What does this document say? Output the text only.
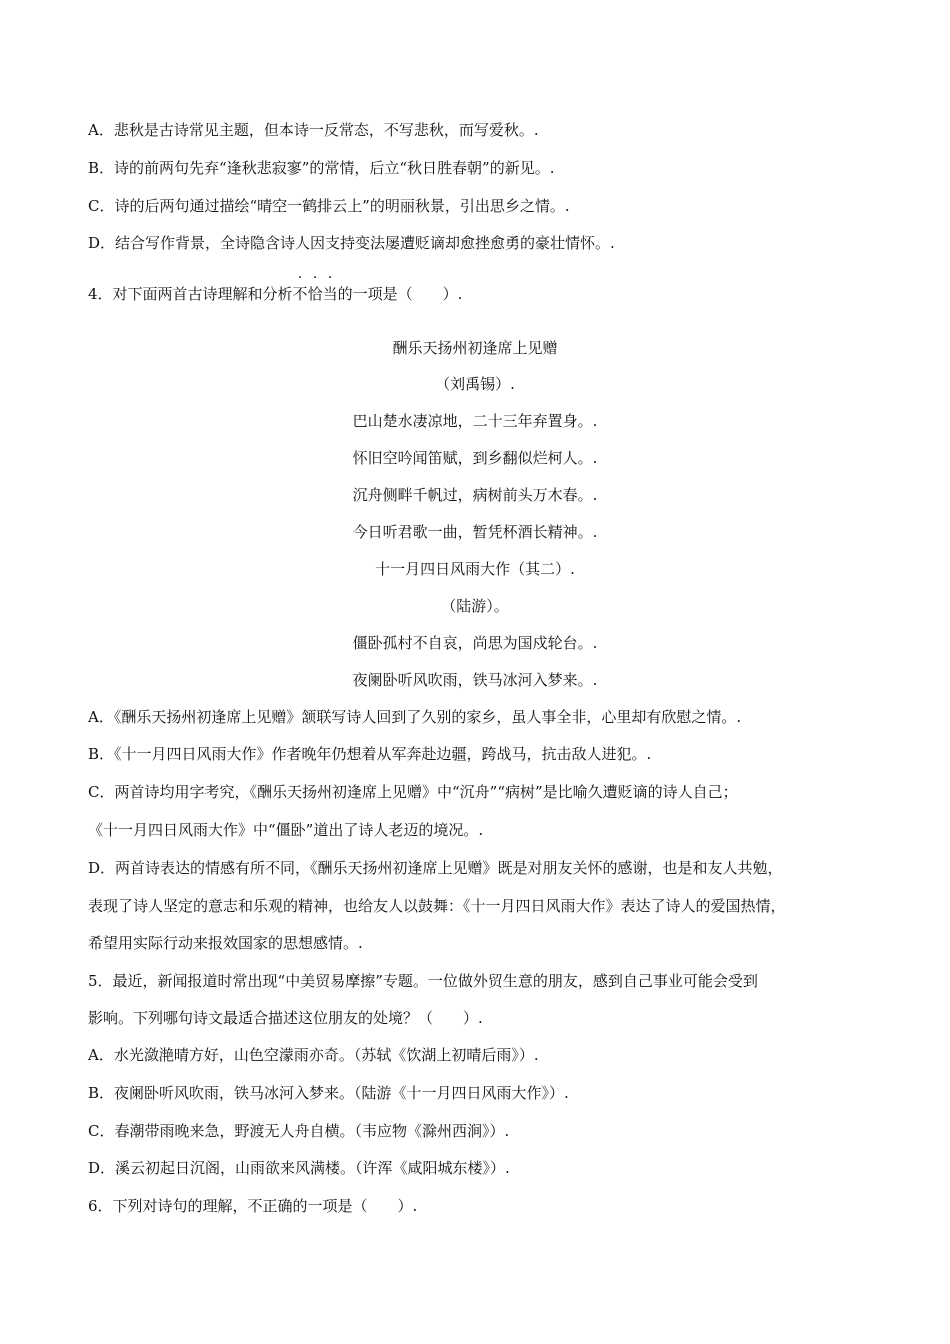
A．悲秋是古诗常见主题，但本诗一反常态，不写悲秋，而写爱秋。.
B．诗的前两句先弃“逢秋悲寂寥”的常情，后立“秋日胜春朝”的新见。.
C．诗的后两句通过描绘“晴空一鹤排云上”的明丽秋景，引出思乡之情。.
D．结合写作背景，全诗隐含诗人因支持变法屡遭贬谪却愈挫愈勇的豪壮情怀。.
4．对下面两首古诗理解和分析不恰当的一项是（　　）.
酬乐天扬州初逢席上见赠
（刘禹锡）.
巴山楚水凄凉地，二十三年弃置身。.
怀旧空吟闻笛赋，到乡翻似烂柯人。.
沉舟侧畔千帆过，病树前头万木春。.
今日听君歌一曲，暂凭杯酒长精神。.
十一月四日风雨大作（其二）.
（陆游）。
僵卧孤村不自哀，尚思为国戍轮台。.
夜阑卧听风吹雨，铁马冰河入梦来。.
A．《酬乐天扬州初逢席上见赠》颔联写诗人回到了久别的家乡，虽人事全非，心里却有欣慰之情。.
B．《十一月四日风雨大作》作者晚年仍想着从军奔赴边疆，跨战马，抗击敌人进犯。.
C．两首诗均用字考究，《酬乐天扬州初逢席上见赠》中“沉舟”“病树”是比喻久遭贬谪的诗人自己；
《十一月四日风雨大作》中“僵卧”道出了诗人老迈的境况。.
D．两首诗表达的情感有所不同，《酬乐天扬州初逢席上见赠》既是对朋友关怀的感谢，也是和友人共勉，
表现了诗人坚定的意志和乐观的精神，也给友人以鼓舞：《十一月四日风雨大作》表达了诗人的爱国热情，
希望用实际行动来报效国家的思想感情。.
5．最近，新闻报道时常出现“中美贸易摩擦”专题。一位做外贸生意的朋友，感到自己事业可能会受到
影响。下列哪句诗文最适合描述这位朋友的处境？（　　）.
A．水光潋滟晴方好，山色空濛雨亦奇。（苏轼《饮湖上初晴后雨》）.
B．夜阑卧听风吹雨，铁马冰河入梦来。（陆游《十一月四日风雨大作》）.
C．春潮带雨晚来急，野渡无人舟自横。（韦应物《滁州西涧》）.
D．溪云初起日沉阁，山雨欲来风满楼。（许浑《咸阳城东楼》）.
6．下列对诗句的理解，不正确的一项是（　　）.
